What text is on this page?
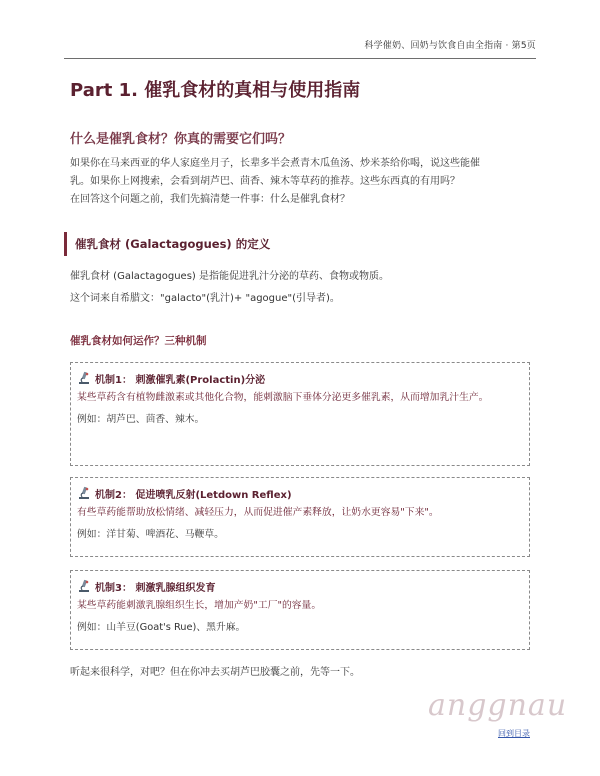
科学催奶、回奶与饮食自由全指南 · 第5页
Part 1. 催乳食材的真相与使用指南
什么是催乳食材？你真的需要它们吗？

如果你在马来西亚的华人家庭坐月子，长辈多半会煮青木瓜鱼汤、炒米茶给你喝，说这些能催

乳。如果你上网搜索，会看到胡芦巴、茴香、辣木等草药的推荐。这些东西真的有用吗？

在回答这个问题之前，我们先搞清楚一件事：什么是催乳食材？

催乳食材 (Galactagogues) 的定义

催乳食材 (Galactagogues) 是指能促进乳汁分泌的草药、食物或物质。

这个词来自希腊文："galacto"(乳汁)+ "agogue"(引导者)。

催乳食材如何运作？三种机制
机制1： 刺激催乳素(Prolactin)分泌
某些草药含有植物雌激素或其他化合物，能刺激脑下垂体分泌更多催乳素，从而增加乳汁生产。
例如：胡芦巴、茴香、辣木。
机制2： 促进喷乳反射(Letdown Reflex)
有些草药能帮助放松情绪、减轻压力，从而促进催产素释放，让奶水更容易"下来"。
例如：洋甘菊、啤酒花、马鞭草。
机制3： 刺激乳腺组织发育
某些草药能刺激乳腺组织生长，增加产奶"工厂"的容量。
例如：山羊豆(Goat's Rue)、黑升麻。
听起来很科学，对吧？但在你冲去买胡芦巴胶囊之前，先等一下。
anggnau
回到目录
